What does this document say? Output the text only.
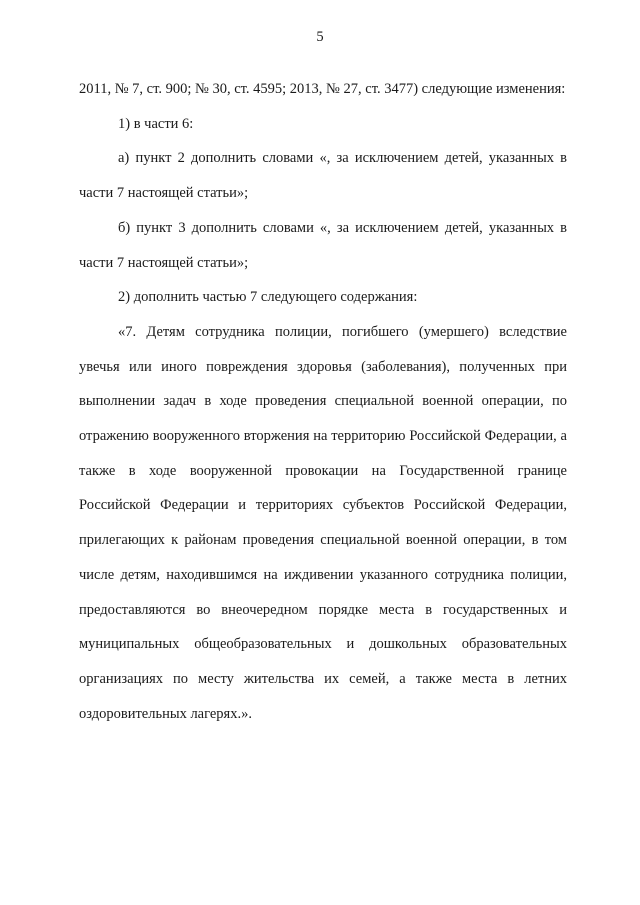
5

2011, № 7, ст. 900; № 30, ст. 4595; 2013, № 27, ст. 3477) следующие изменения:

1) в части 6:

а) пункт 2 дополнить словами «, за исключением детей, указанных в части 7 настоящей статьи»;

б) пункт 3 дополнить словами «, за исключением детей, указанных в части 7 настоящей статьи»;

2) дополнить частью 7 следующего содержания:

«7. Детям сотрудника полиции, погибшего (умершего) вследствие увечья или иного повреждения здоровья (заболевания), полученных при выполнении задач в ходе проведения специальной военной операции, по отражению вооруженного вторжения на территорию Российской Федерации, а также в ходе вооруженной провокации на Государственной границе Российской Федерации и территориях субъектов Российской Федерации, прилегающих к районам проведения специальной военной операции, в том числе детям, находившимся на иждивении указанного сотрудника полиции, предоставляются во внеочередном порядке места в государственных и муниципальных общеобразовательных и дошкольных образовательных организациях по месту жительства их семей, а также места в летних оздоровительных лагерях.».
